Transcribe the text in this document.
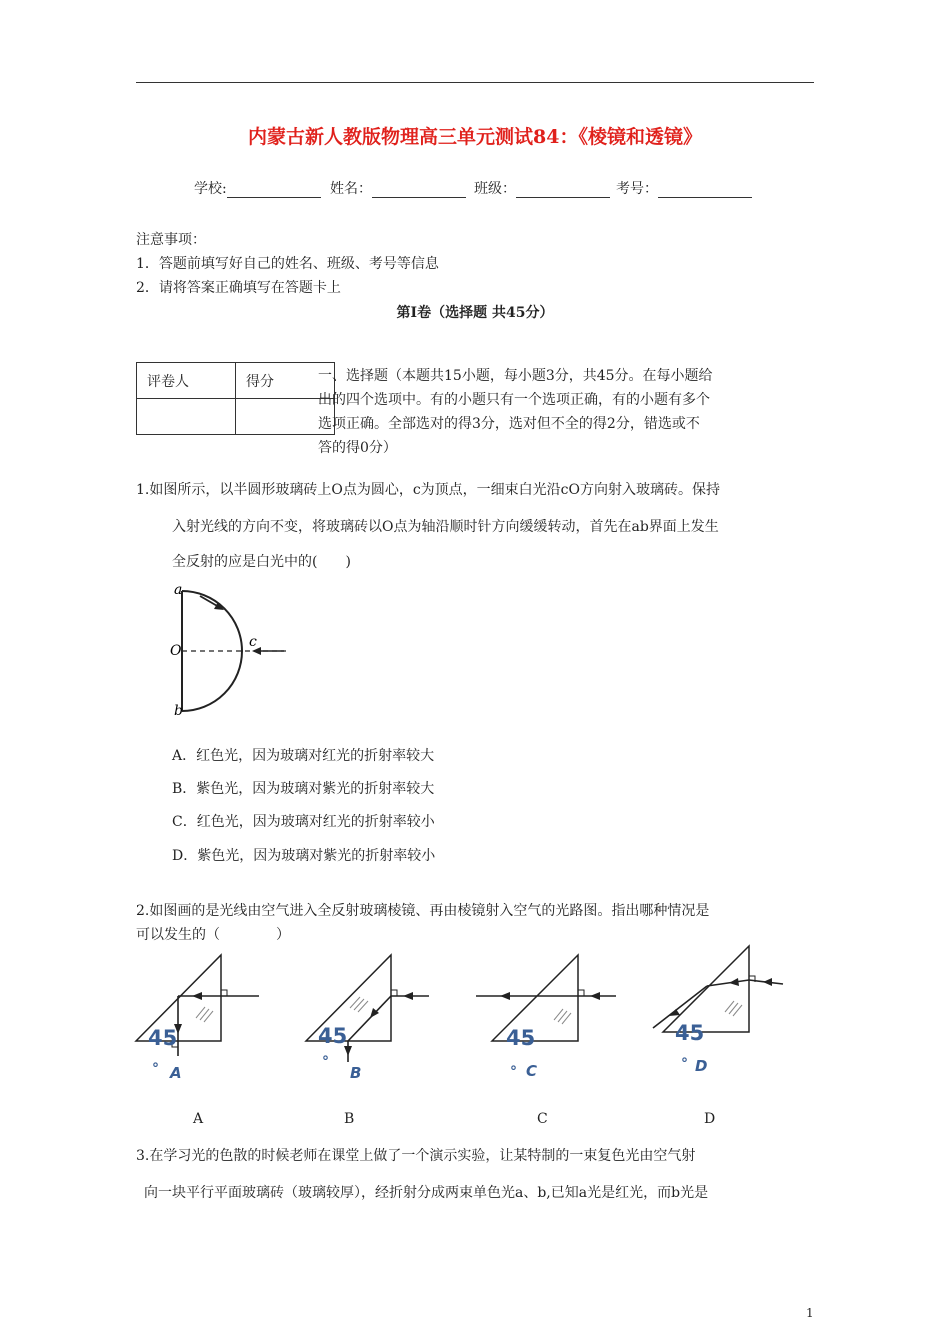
内蒙古新人教版物理高三单元测试84：《棱镜和透镜》
学校:	姓名：	班级：	考号：
注意事项：
1．答题前填写好自己的姓名、班级、考号等信息
2．请将答案正确填写在答题卡上
第I卷（选择题 共45分）
评卷人	得分
		一、选择题（本题共15小题，每小题3分，共45分。在每小题给
出的四个选项中。有的小题只有一个选项正确，有的小题有多个
选项正确。全部选对的得3分，选对但不全的得2分，错选或不
答的得0分）
1.如图所示，以半圆形玻璃砖上O点为圆心，c为顶点，一细束白光沿cO方向射入玻璃砖。保持
入射光线的方向不变，将玻璃砖以O点为轴沿顺时针方向缓缓转动，首先在ab界面上发生
全反射的应是白光中的(　　)
a
O
b
c
A．红色光，因为玻璃对红光的折射率较大
B．紫色光，因为玻璃对紫光的折射率较大
C．红色光，因为玻璃对红光的折射率较小
D．紫色光，因为玻璃对紫光的折射率较小
2.如图画的是光线由空气进入全反射玻璃棱镜、再由棱镜射入空气的光路图。指出哪种情况是
可以发生的（　　　　）
45
° A
45
°
B
45
° C
45
° D
A	B	C	D
3.在学习光的色散的时候老师在课堂上做了一个演示实验，让某特制的一束复色光由空气射
向一块平行平面玻璃砖（玻璃较厚），经折射分成两束单色光a、b,已知a光是红光，而b光是
1
